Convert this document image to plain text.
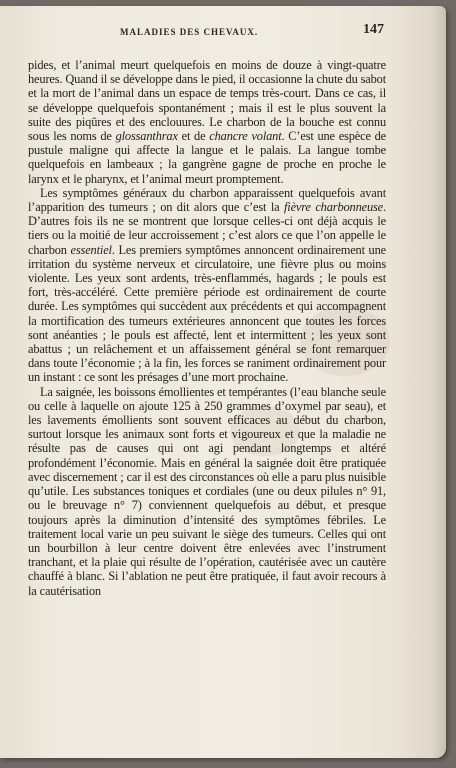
MALADIES DES CHEVAUX.	147

pides, et l’animal meurt quelquefois en moins de douze à vingt-quatre heures. Quand il se développe dans le pied, il occasionne la chute du sabot et la mort de l’animal dans un espace de temps très-court. Dans ce cas, il se développe quelquefois spontanément ; mais il est le plus souvent la suite des piqûres et des enclouures. Le charbon de la bouche est connu sous les noms de glossanthrax et de chancre volant. C’est une espèce de pustule maligne qui affecte la langue et le palais. La langue tombe quelquefois en lambeaux ; la gangrène gagne de proche en proche le larynx et le pharynx, et l’animal meurt promptement.

Les symptômes généraux du charbon apparaissent quelquefois avant l’apparition des tumeurs ; on dit alors que c’est la fièvre charbonneuse. D’autres fois ils ne se montrent que lorsque celles-ci ont déjà acquis le tiers ou la moitié de leur accroissement ; c’est alors ce que l’on appelle le charbon essentiel. Les premiers symptômes annoncent ordinairement une irritation du système nerveux et circulatoire, une fièvre plus ou moins violente. Les yeux sont ardents, très-enflammés, hagards ; le pouls est fort, très-accéléré. Cette première période est ordinairement de courte durée. Les symptômes qui succèdent aux précédents et qui accompagnent la mortification des tumeurs extérieures annoncent que toutes les forces sont anéanties ; le pouls est affecté, lent et intermittent ; les yeux sont abattus ; un relâchement et un affaissement général se font remarquer dans toute l’économie ; à la fin, les forces se raniment ordinairement pour un instant : ce sont les présages d’une mort prochaine.

La saignée, les boissons émollientes et tempérantes (l’eau blanche seule ou celle à laquelle on ajoute 125 à 250 grammes d’oxymel par seau), et les lavements émollients sont souvent efficaces au début du charbon, surtout lorsque les animaux sont forts et vigoureux et que la maladie ne résulte pas de causes qui ont agi pendant longtemps et altéré profondément l’économie. Mais en général la saignée doit être pratiquée avec discernement ; car il est des circonstances où elle a paru plus nuisible qu’utile. Les substances toniques et cordiales (une ou deux pilules n° 91, ou le breuvage n° 7) conviennent quelquefois au début, et presque toujours après la diminution d’intensité des symptômes fébriles. Le traitement local varie un peu suivant le siège des tumeurs. Celles qui ont un bourbillon à leur centre doivent être enlevées avec l’instrument tranchant, et la plaie qui résulte de l’opération, cautérisée avec un cautère chauffé à blanc. Si l’ablation ne peut être pratiquée, il faut avoir recours à la cautérisation
